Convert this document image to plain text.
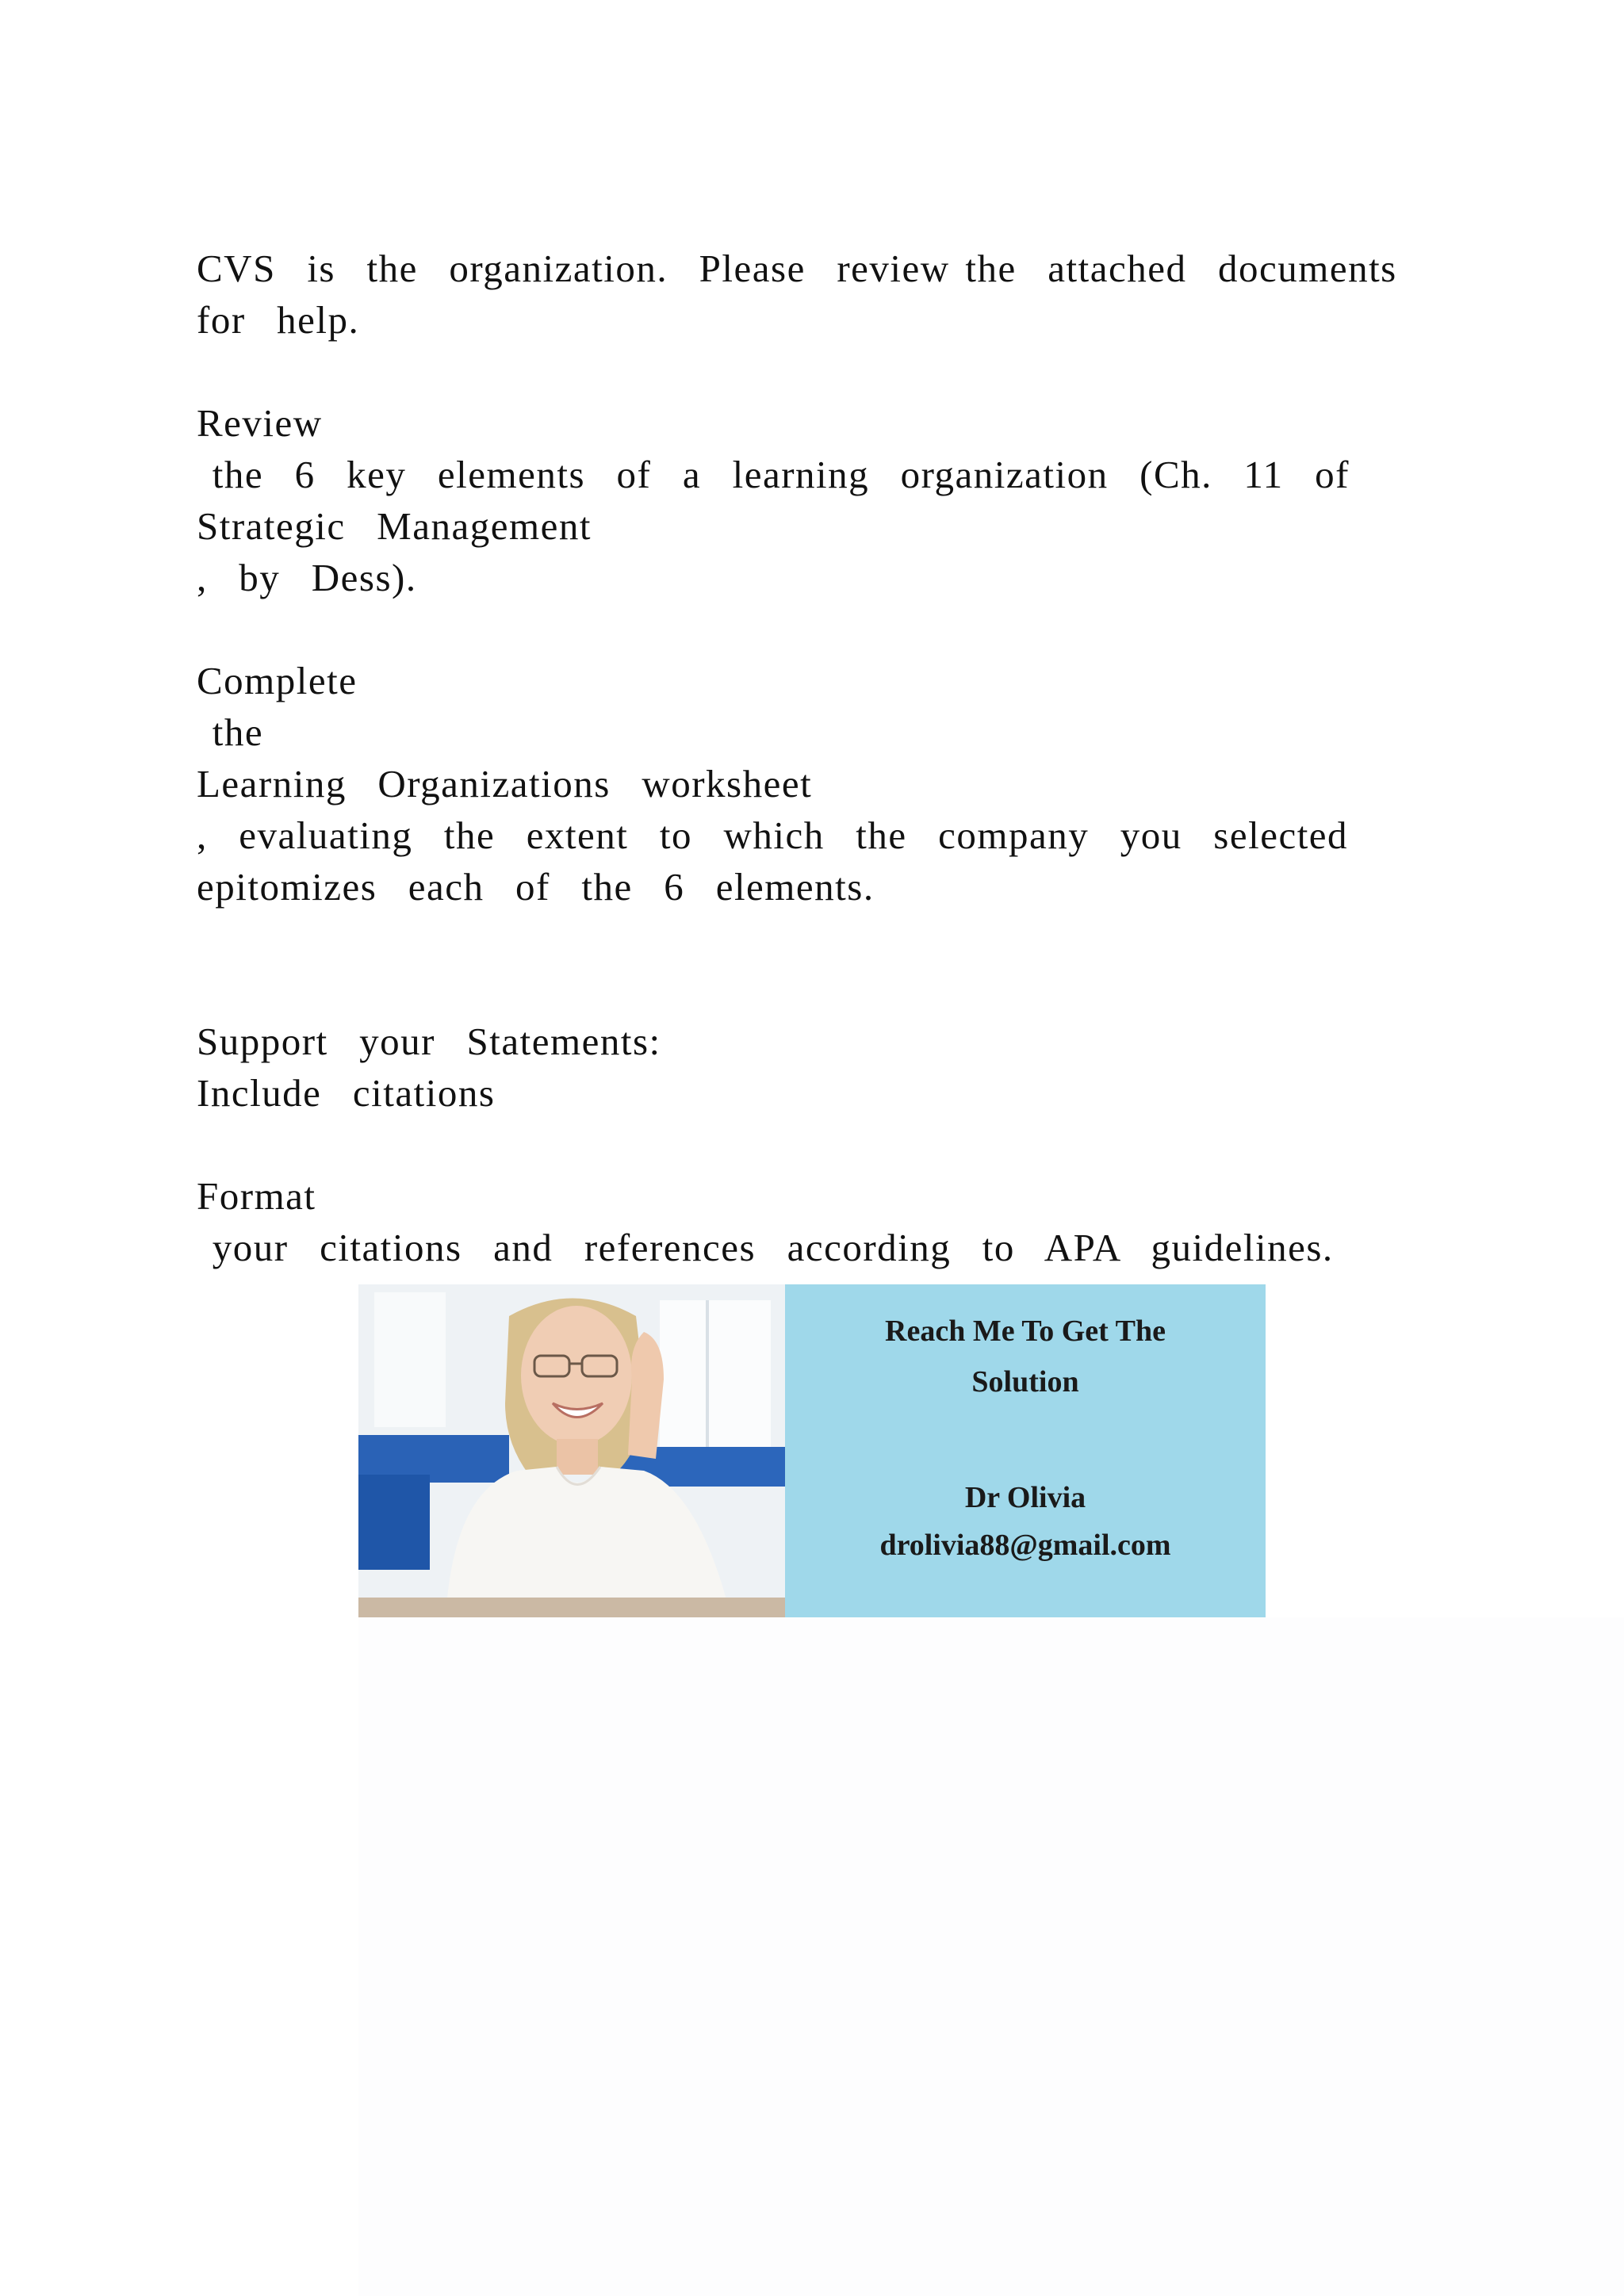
CVS  is  the  organization.  Please  review the  attached  documents
for  help.
Review
the  6  key  elements  of  a  learning  organization  (Ch.  11  of
Strategic  Management
,  by  Dess).
Complete
the
Learning  Organizations  worksheet
,  evaluating  the  extent  to  which  the  company  you  selected
epitomizes  each  of  the  6  elements.
Support  your  Statements:
Include  citations
Format
your  citations  and  references  according  to  APA  guidelines.
Reach Me To Get The
Solution
Dr Olivia
drolivia88@gmail.com
